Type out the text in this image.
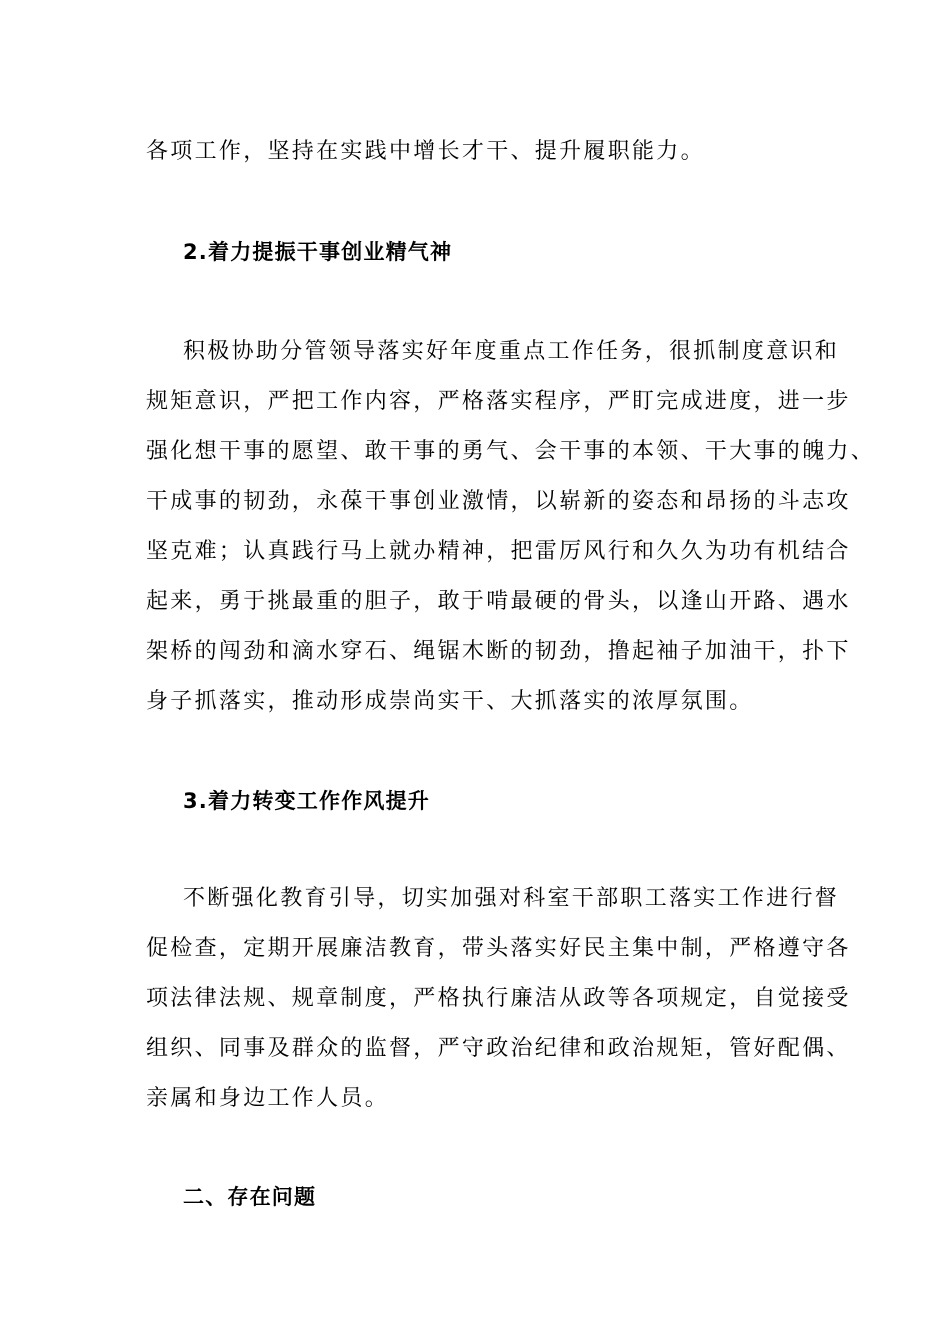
各项工作，坚持在实践中增长才干、提升履职能力。
2.着力提振干事创业精气神
积极协助分管领导落实好年度重点工作任务，很抓制度意识和
规矩意识，严把工作内容，严格落实程序，严盯完成进度，进一步
强化想干事的愿望、敢干事的勇气、会干事的本领、干大事的魄力、
干成事的韧劲，永葆干事创业激情，以崭新的姿态和昂扬的斗志攻
坚克难；认真践行马上就办精神，把雷厉风行和久久为功有机结合
起来，勇于挑最重的胆子，敢于啃最硬的骨头，以逢山开路、遇水
架桥的闯劲和滴水穿石、绳锯木断的韧劲，撸起袖子加油干，扑下
身子抓落实，推动形成崇尚实干、大抓落实的浓厚氛围。
3.着力转变工作作风提升
不断强化教育引导，切实加强对科室干部职工落实工作进行督
促检查，定期开展廉洁教育，带头落实好民主集中制，严格遵守各
项法律法规、规章制度，严格执行廉洁从政等各项规定，自觉接受
组织、同事及群众的监督，严守政治纪律和政治规矩，管好配偶、
亲属和身边工作人员。
二、存在问题
